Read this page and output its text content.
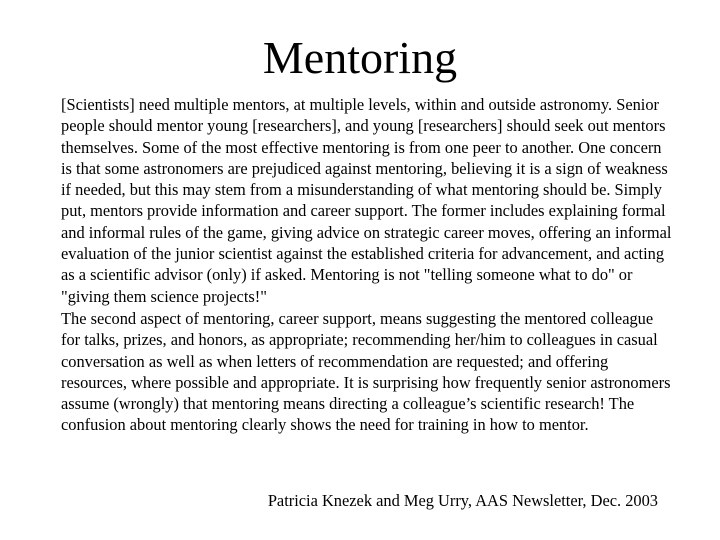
Mentoring

[Scientists] need multiple mentors, at multiple levels, within and outside astronomy. Senior people should mentor young [researchers], and young [researchers] should seek out mentors themselves. Some of the most effective mentoring is from one peer to another. One concern is that some astronomers are prejudiced against mentoring, believing it is a sign of weakness if needed, but this may stem from a misunderstanding of what mentoring should be. Simply put, mentors provide information and career support. The former includes explaining formal and informal rules of the game, giving advice on strategic career moves, offering an informal evaluation of the junior scientist against the established criteria for advancement, and acting as a scientific advisor (only) if asked. Mentoring is not "telling someone what to do" or "giving them science projects!"

The second aspect of mentoring, career support, means suggesting the mentored colleague for talks, prizes, and honors, as appropriate; recommending her/him to colleagues in casual conversation as well as when letters of recommendation are requested; and offering resources, where possible and appropriate. It is surprising how frequently senior astronomers assume (wrongly) that mentoring means directing a colleague’s scientific research! The confusion about mentoring clearly shows the need for training in how to mentor.

Patricia Knezek and Meg Urry, AAS Newsletter, Dec. 2003
